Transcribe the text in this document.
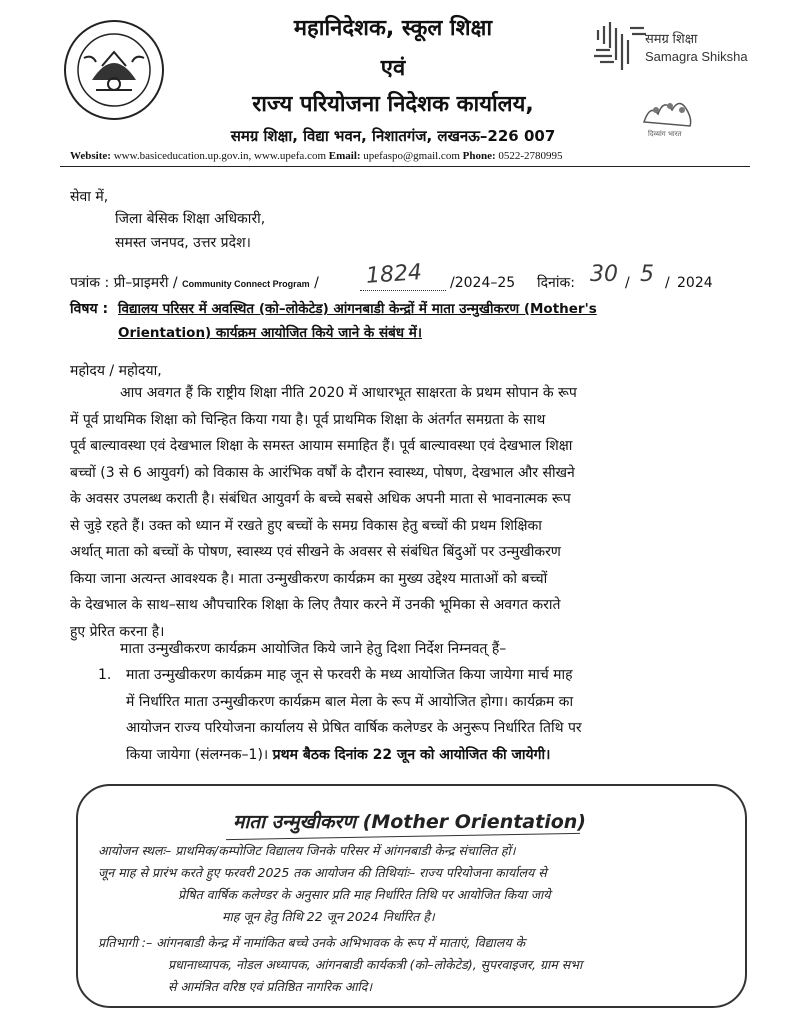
महानिदेशक, स्कूल शिक्षा
एवं
राज्य परियोजना निदेशक कार्यालय,
समग्र शिक्षा, विद्या भवन, निशातगंज, लखनऊ–226 007
समग्र शिक्षा
Samagra Shiksha
दिव्यांग भारत
Website: www.basiceducation.up.gov.in, www.upefa.com Email: upefaspo@gmail.com Phone: 0522-2780995
सेवा में,
जिला बेसिक शिक्षा अधिकारी,
समस्त जनपद, उत्तर प्रदेश।
पत्रांक : प्री–प्राइमरी / Community Connect Program / 1824 /2024–25 दिनांक: 30 / 5 / 2024
विषय : विद्यालय परिसर में अवस्थित (को–लोकेटेड) आंगनबाडी केन्द्रों में माता उन्मुखीकरण (Mother's
Orientation) कार्यक्रम आयोजित किये जाने के संबंध में।
महोदय / महोदया,
आप अवगत हैं कि राष्ट्रीय शिक्षा नीति 2020 में आधारभूत साक्षरता के प्रथम सोपान के रूप
में पूर्व प्राथमिक शिक्षा को चिन्हित किया गया है। पूर्व प्राथमिक शिक्षा के अंतर्गत समग्रता के साथ
पूर्व बाल्यावस्था एवं देखभाल शिक्षा के समस्त आयाम समाहित हैं। पूर्व बाल्यावस्था एवं देखभाल शिक्षा
बच्चों (3 से 6 आयुवर्ग) को विकास के आरंभिक वर्षों के दौरान स्वास्थ्य, पोषण, देखभाल और सीखने
के अवसर उपलब्ध कराती है। संबंधित आयुवर्ग के बच्चे सबसे अधिक अपनी माता से भावनात्मक रूप
से जुड़े रहते हैं। उक्त को ध्यान में रखते हुए बच्चों के समग्र विकास हेतु बच्चों की प्रथम शिक्षिका
अर्थात् माता को बच्चों के पोषण, स्वास्थ्य एवं सीखने के अवसर से संबंधित बिंदुओं पर उन्मुखीकरण
किया जाना अत्यन्त आवश्यक है। माता उन्मुखीकरण कार्यक्रम का मुख्य उद्देश्य माताओं को बच्चों
के देखभाल के साथ–साथ औपचारिक शिक्षा के लिए तैयार करने में उनकी भूमिका से अवगत कराते
हुए प्रेरित करना है।
माता उन्मुखीकरण कार्यक्रम आयोजित किये जाने हेतु दिशा निर्देश निम्नवत् हैं–
1. माता उन्मुखीकरण कार्यक्रम माह जून से फरवरी के मध्य आयोजित किया जायेगा मार्च माह
में निर्धारित माता उन्मुखीकरण कार्यक्रम बाल मेला के रूप में आयोजित होगा। कार्यक्रम का
आयोजन राज्य परियोजना कार्यालय से प्रेषित वार्षिक कलेण्डर के अनुरूप निर्धारित तिथि पर
किया जायेगा (संलग्नक–1)। प्रथम बैठक दिनांक 22 जून को आयोजित की जायेगी।
माता उन्मुखीकरण (Mother Orientation)
आयोजन स्थलः– प्राथमिक/कम्पोजिट विद्यालय जिनके परिसर में आंगनबाडी केन्द्र संचालित हों।
जून माह से प्रारंभ करते हुए फरवरी 2025 तक आयोजन की तिथियांः– राज्य परियोजना कार्यालय से
प्रेषित वार्षिक कलेण्डर के अनुसार प्रति माह निर्धारित तिथि पर आयोजित किया जाये
माह जून हेतु तिथि 22 जून 2024 निर्धारित है।
प्रतिभागी :– आंगनबाडी केन्द्र में नामांकित बच्चे उनके अभिभावक के रूप में माताएं, विद्यालय के
प्रधानाध्यापक, नोडल अध्यापक, आंगनबाडी कार्यकत्री (को–लोकेटेड), सुपरवाइजर, ग्राम सभा
से आमंत्रित वरिष्ठ एवं प्रतिष्ठित नागरिक आदि।
